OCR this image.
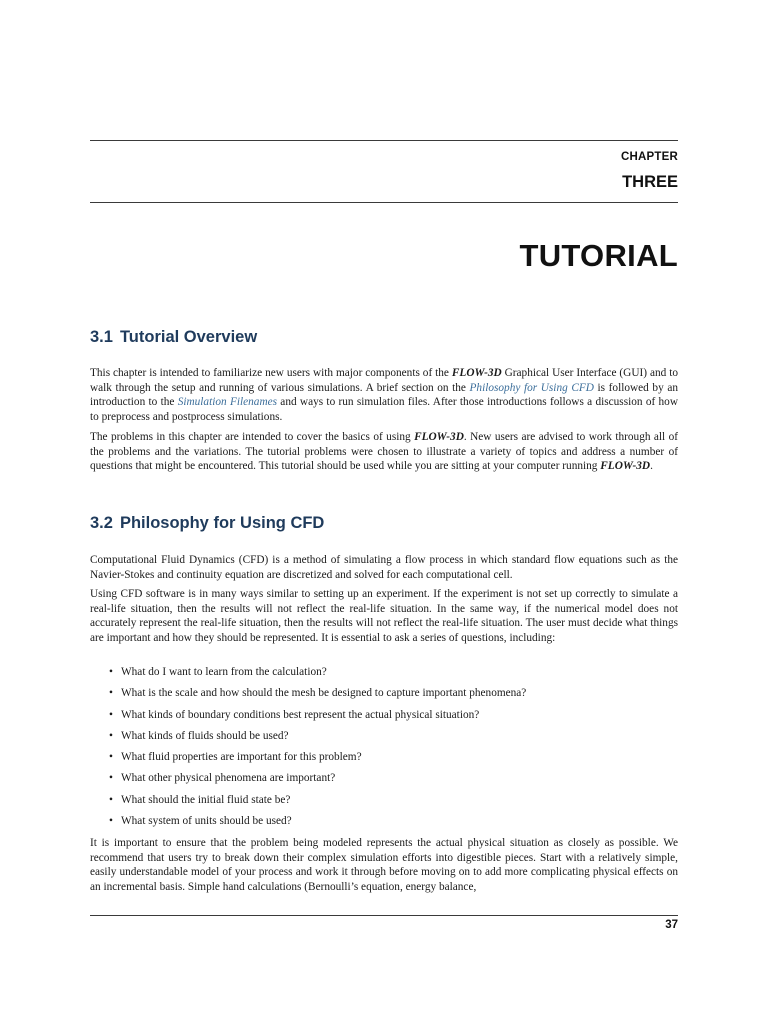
CHAPTER
THREE
TUTORIAL
3.1 Tutorial Overview

This chapter is intended to familiarize new users with major components of the FLOW-3D Graphical User Interface (GUI) and to walk through the setup and running of various simulations. A brief section on the Philosophy for Using CFD is followed by an introduction to the Simulation Filenames and ways to run simulation files. After those introductions follows a discussion of how to preprocess and postprocess simulations.

The problems in this chapter are intended to cover the basics of using FLOW-3D. New users are advised to work through all of the problems and the variations. The tutorial problems were chosen to illustrate a variety of topics and address a number of questions that might be encountered. This tutorial should be used while you are sitting at your computer running FLOW-3D.

3.2 Philosophy for Using CFD

Computational Fluid Dynamics (CFD) is a method of simulating a flow process in which standard flow equations such as the Navier-Stokes and continuity equation are discretized and solved for each computational cell.

Using CFD software is in many ways similar to setting up an experiment. If the experiment is not set up correctly to simulate a real-life situation, then the results will not reflect the real-life situation. In the same way, if the numerical model does not accurately represent the real-life situation, then the results will not reflect the real-life situation. The user must decide what things are important and how they should be represented. It is essential to ask a series of questions, including:

• What do I want to learn from the calculation?
• What is the scale and how should the mesh be designed to capture important phenomena?
• What kinds of boundary conditions best represent the actual physical situation?
• What kinds of fluids should be used?
• What fluid properties are important for this problem?
• What other physical phenomena are important?
• What should the initial fluid state be?
• What system of units should be used?

It is important to ensure that the problem being modeled represents the actual physical situation as closely as possible. We recommend that users try to break down their complex simulation efforts into digestible pieces. Start with a relatively simple, easily understandable model of your process and work it through before moving on to add more complicating physical effects on an incremental basis. Simple hand calculations (Bernoulli’s equation, energy balance,

37
